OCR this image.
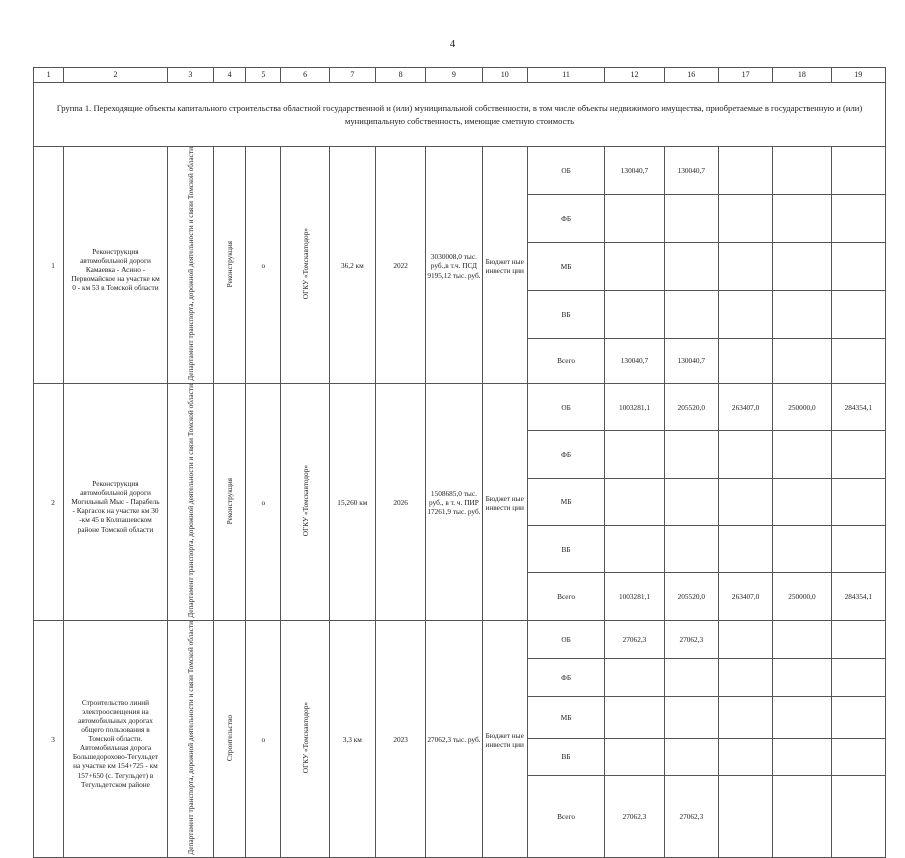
4
1	2	3	4	5	6	7	8	9	10	11	12	16	17	18	19
Группа 1. Переходящие объекты капитального строительства областной государственной и (или) муниципальной собственности, в том числе объекты недвижимого имущества, приобретаемые в государственную и (или) муниципальную собственность, имеющие сметную стоимость															
1	Реконструкция автомобильной дороги Камаевка - Асино - Первомайское на участке км 0 - км 53 в Томской области	Департамент транспорта, дорожной деятельности и связи Томской области	Реконструкция	о	ОГКУ «Томскавтодор»	36,2 км	2022	3030008,0 тыс. руб.,в т.ч. ПСД 9195,12 тыс. руб.	Бюджет ные инвести ции	ОБ	130040,7	130040,7			
										ФБ					
										МБ					
										ВБ					
										Всего	130040,7	130040,7			
2	Реконструкция автомобильной дороги Могильный Мыс - Парабель - Каргасок на участке км 30 -км 45 в Колпашевском районе Томской области	Департамент транспорта, дорожной деятельности и связи Томской области	Реконструкция	о	ОГКУ «Томскавтодор»	15,260 км	2026	1508685,0 тыс. руб., в т. ч. ПИР 17261,9 тыс. руб.	Бюджет ные инвести ции	ОБ	1003281,1	205520,0	263407,0	250000,0	284354,1
										ФБ					
										МБ					
										ВБ					
										Всего	1003281,1	205520,0	263407,0	250000,0	284354,1
3	Строительство линий электроосвещения на автомобильных дорогах общего пользования в Томской области. Автомобильная дорога Большедорохово-Тегульдет на участке км 154+725 - км 157+650 (с. Тегульдет) в Тегульдетском районе	Департамент транспорта, дорожной деятельности и связи Томской области	Строительство	о	ОГКУ «Томскавтодор»	3,3 км	2023	27062,3 тыс. руб.	Бюджет ные инвести ции	ОБ	27062,3	27062,3			
										ФБ					
										МБ					
										ВБ					
										Всего	27062,3	27062,3			
